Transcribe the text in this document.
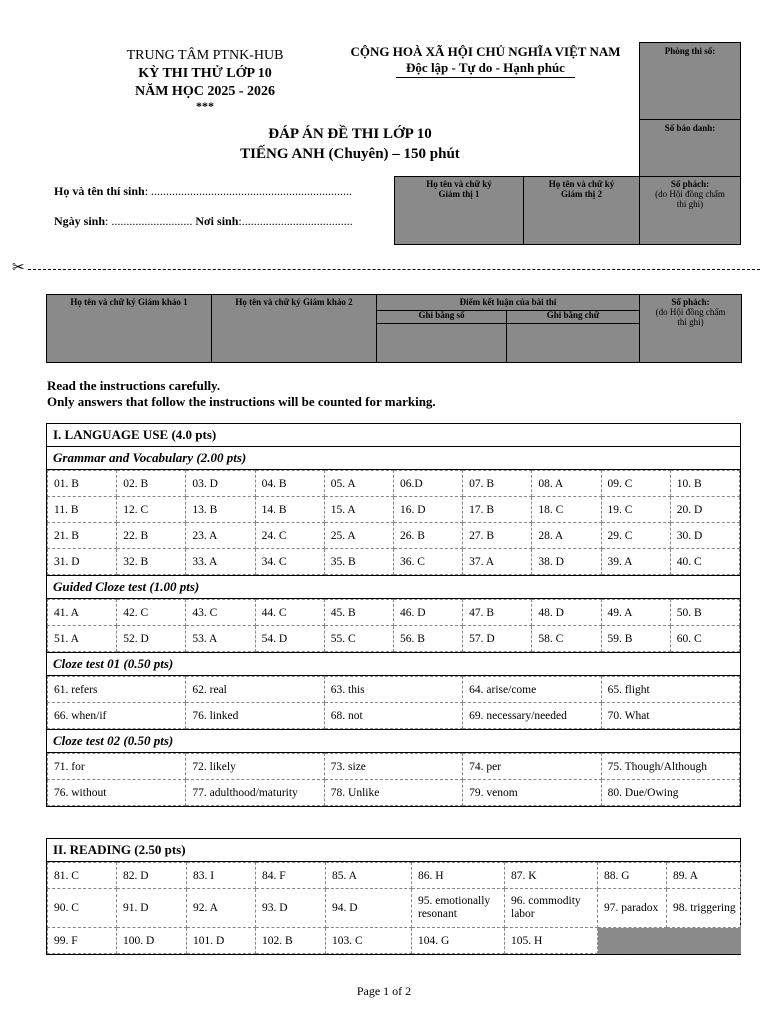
TRUNG TÂM PTNK-HUB
KỲ THI THỬ LỚP 10
NĂM HỌC 2025 - 2026
***
CỘNG HOÀ XÃ HỘI CHỦ NGHĨA VIỆT NAM
Độc lập - Tự do - Hạnh phúc
ĐÁP ÁN ĐỀ THI LỚP 10
TIẾNG ANH (Chuyên) – 150 phút
Họ và tên thí sinh: ...................................................................
Ngày sinh: ........................... Nơi sinh:.....................................
Phòng thi số:
Số báo danh:
Họ tên và chữ ký Giám thị 1
Họ tên và chữ ký Giám thị 2
Số phách:
(do Hội đồng chấm thi ghi)
✂
Họ tên và chữ ký Giám khảo 1	Họ tên và chữ ký Giám khảo 2	Điểm kết luận của bài thi
Ghi bằng số	Ghi bằng chữ
Số phách:
(do Hội đồng chấm thi ghi)
Read the instructions carefully.
Only answers that follow the instructions will be counted for marking.
I. LANGUAGE USE (4.0 pts)
Grammar and Vocabulary (2.00 pts)
01. B	02. B	03. D	04. B	05. A	06.D	07. B	08. A	09. C	10. B
11. B	12. C	13. B	14. B	15. A	16. D	17. B	18. C	19. C	20. D
21. B	22. B	23. A	24. C	25. A	26. B	27. B	28. A	29. C	30. D
31. D	32. B	33. A	34. C	35. B	36. C	37. A	38. D	39. A	40. C
Guided Cloze test (1.00 pts)
41. A	42. C	43. C	44. C	45. B	46. D	47. B	48. D	49. A	50. B
51. A	52. D	53. A	54. D	55. C	56. B	57. D	58. C	59. B	60. C
Cloze test 01 (0.50 pts)
61. refers	62. real	63. this	64. arise/come	65. flight
66. when/if	76. linked	68. not	69. necessary/needed	70. What
Cloze test 02 (0.50 pts)
71. for	72. likely	73. size	74. per	75. Though/Although
76. without	77. adulthood/maturity	78. Unlike	79. venom	80. Due/Owing
II. READING (2.50 pts)
81. C	82. D	83. I	84. F	85. A	86. H	87. K	88. G	89. A
90. C	91. D	92. A	93. D	94. D	95. emotionally resonant	96. commodity labor	97. paradox	98. triggering
99. F	100. D	101. D	102. B	103. C	104. G	105. H		
Page 1 of 2
